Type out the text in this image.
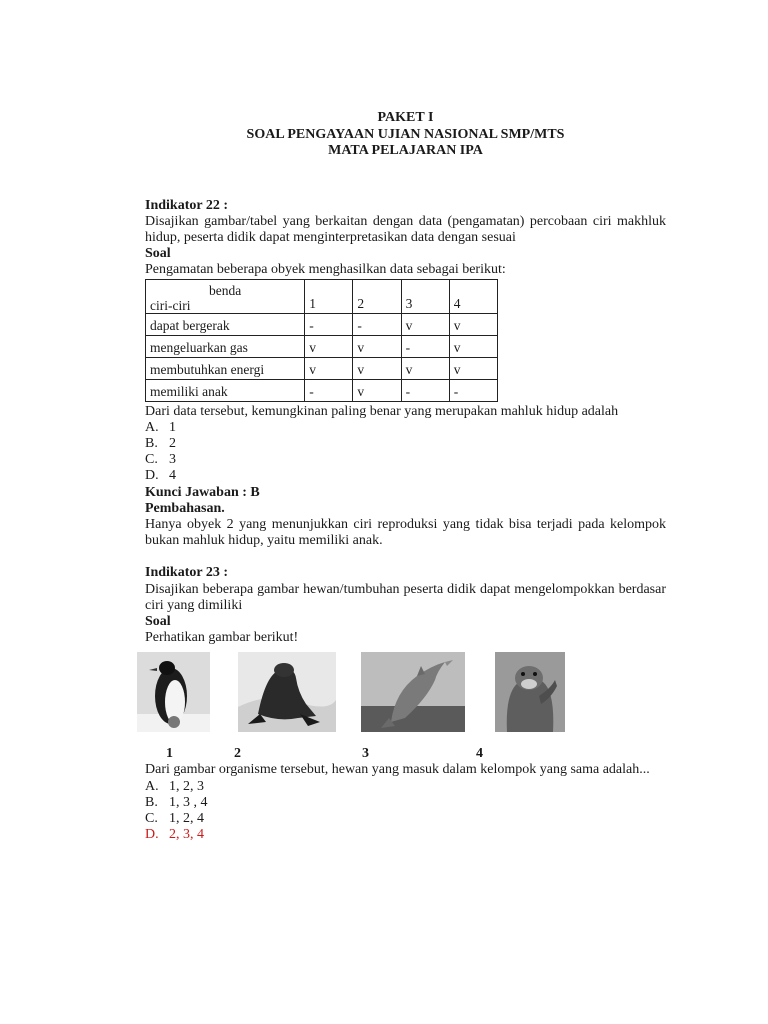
PAKET I
SOAL PENGAYAAN UJIAN NASIONAL SMP/MTS
MATA PELAJARAN IPA
Indikator 22 :
Disajikan gambar/tabel yang berkaitan dengan data (pengamatan) percobaan ciri makhluk hidup, peserta didik dapat menginterpretasikan data dengan sesuai
Soal
Pengamatan beberapa obyek menghasilkan data sebagai berikut:
benda
ciri-ciri	1	2	3	4
dapat bergerak	-	-	v	v
mengeluarkan gas	v	v	-	v
membutuhkan energi	v	v	v	v
memiliki anak	-	v	-	-
Dari data tersebut, kemungkinan paling benar yang merupakan mahluk hidup adalah
A. 1
B. 2
C. 3
D. 4
Kunci Jawaban : B
Pembahasan.
Hanya obyek 2 yang menunjukkan ciri reproduksi yang tidak bisa terjadi pada kelompok bukan mahluk hidup, yaitu memiliki anak.
Indikator 23 :
Disajikan beberapa gambar hewan/tumbuhan peserta didik dapat mengelompokkan berdasar ciri yang dimiliki
Soal
Perhatikan gambar berikut!
1	2	3	4
Dari gambar organisme tersebut, hewan yang masuk dalam kelompok yang sama adalah...
A. 1, 2, 3
B. 1, 3 , 4
C. 1, 2, 4
D. 2, 3, 4
